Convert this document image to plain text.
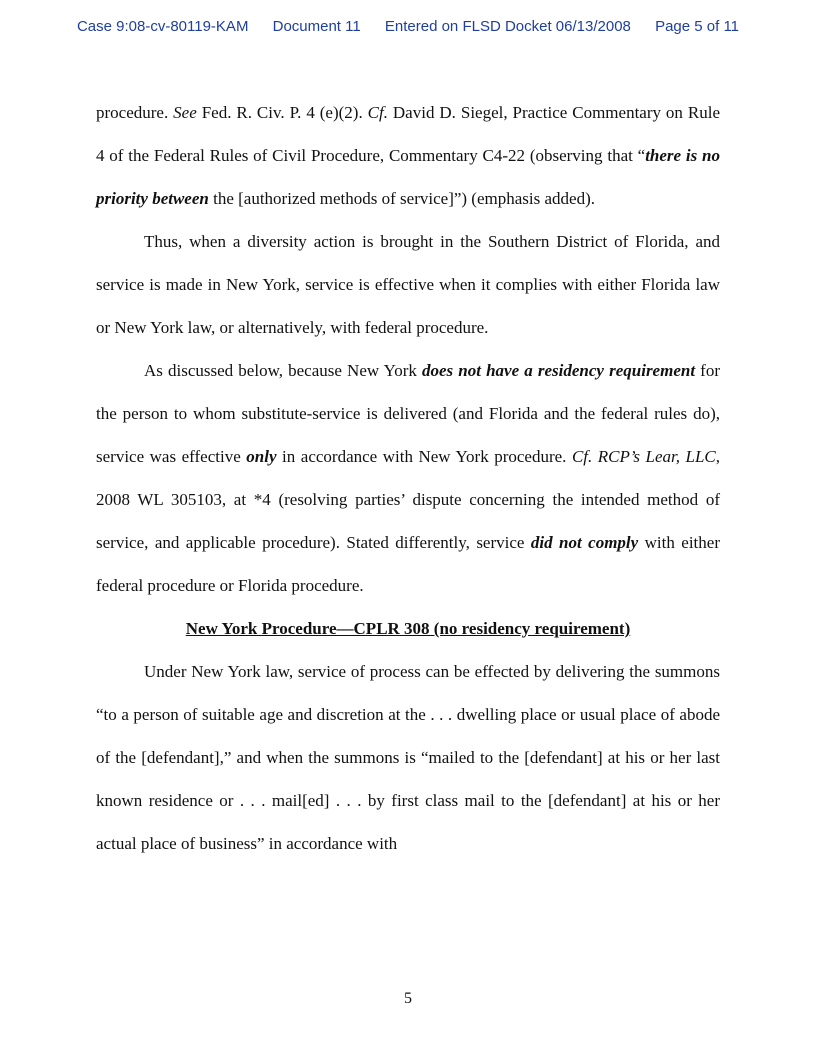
Case 9:08-cv-80119-KAM Document 11 Entered on FLSD Docket 06/13/2008 Page 5 of 11

procedure. See Fed. R. Civ. P. 4 (e)(2). Cf. David D. Siegel, Practice Commentary on Rule 4 of the Federal Rules of Civil Procedure, Commentary C4-22 (observing that “there is no priority between the [authorized methods of service]”) (emphasis added).

Thus, when a diversity action is brought in the Southern District of Florida, and service is made in New York, service is effective when it complies with either Florida law or New York law, or alternatively, with federal procedure.

As discussed below, because New York does not have a residency requirement for the person to whom substitute-service is delivered (and Florida and the federal rules do), service was effective only in accordance with New York procedure. Cf. RCP’s Lear, LLC, 2008 WL 305103, at *4 (resolving parties’ dispute concerning the intended method of service, and applicable procedure). Stated differently, service did not comply with either federal procedure or Florida procedure.

New York Procedure—CPLR 308 (no residency requirement)

Under New York law, service of process can be effected by delivering the summons “to a person of suitable age and discretion at the . . . dwelling place or usual place of abode of the [defendant],” and when the summons is “mailed to the [defendant] at his or her last known residence or . . . mail[ed] . . . by first class mail to the [defendant] at his or her actual place of business” in accordance with

5
